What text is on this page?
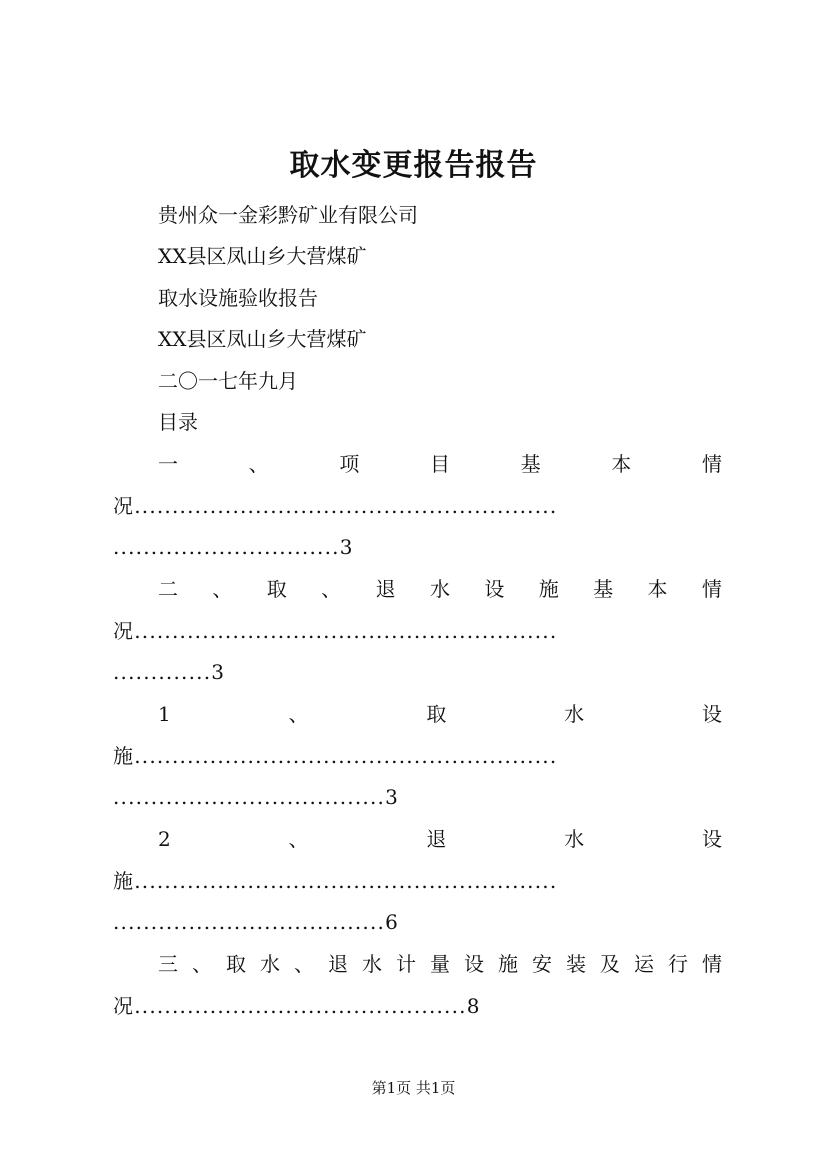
取水变更报告报告
贵州众一金彩黔矿业有限公司
XX县区凤山乡大营煤矿
取水设施验收报告
XX县区凤山乡大营煤矿
二〇一七年九月
目录
一	、	项	目	基	本	情
况........................................................
..............................3
二 、 取 、 退 水 设 施 基 本 情
况........................................................
.............3
1	、	取	水	设
施........................................................
....................................3
2	、	退	水	设
施........................................................
....................................6
三 、 取 水 、 退 水 计 量 设 施 安 装 及 运 行 情
况............................................8
第1页 共1页
